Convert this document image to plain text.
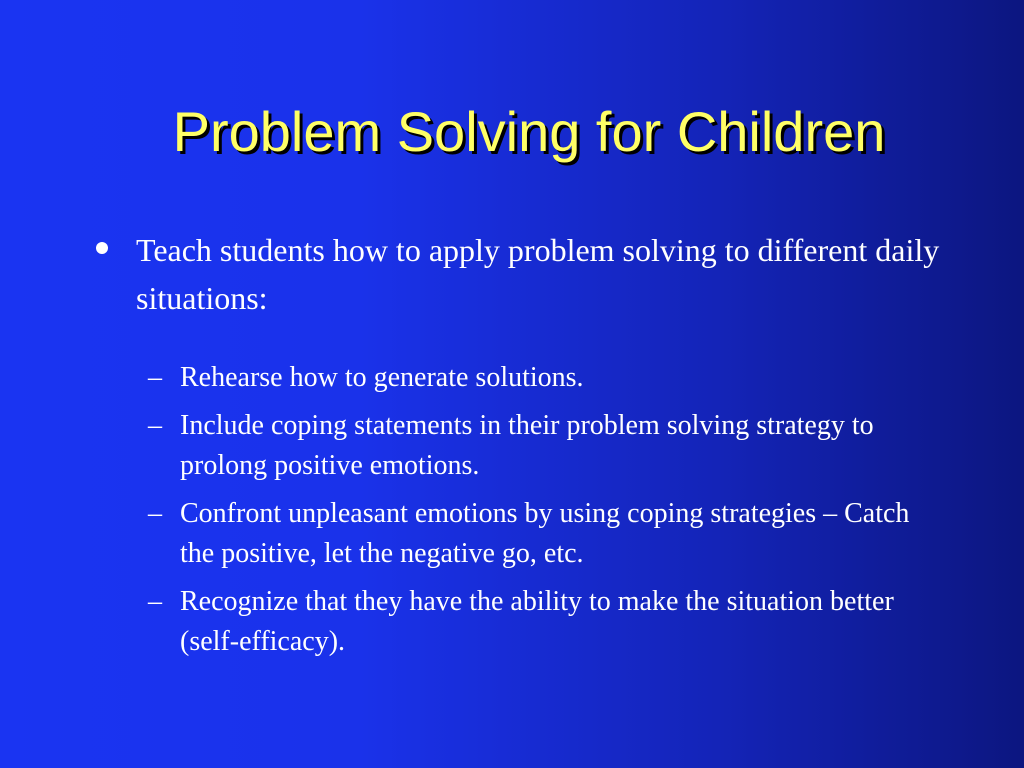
Problem Solving for Children
Teach students how to apply problem solving to different daily situations:
– Rehearse how to generate solutions.
– Include coping statements in their problem solving strategy to prolong positive emotions.
– Confront unpleasant emotions by using coping strategies – Catch the positive, let the negative go, etc.
– Recognize that they have the ability to make the situation better (self-efficacy).
